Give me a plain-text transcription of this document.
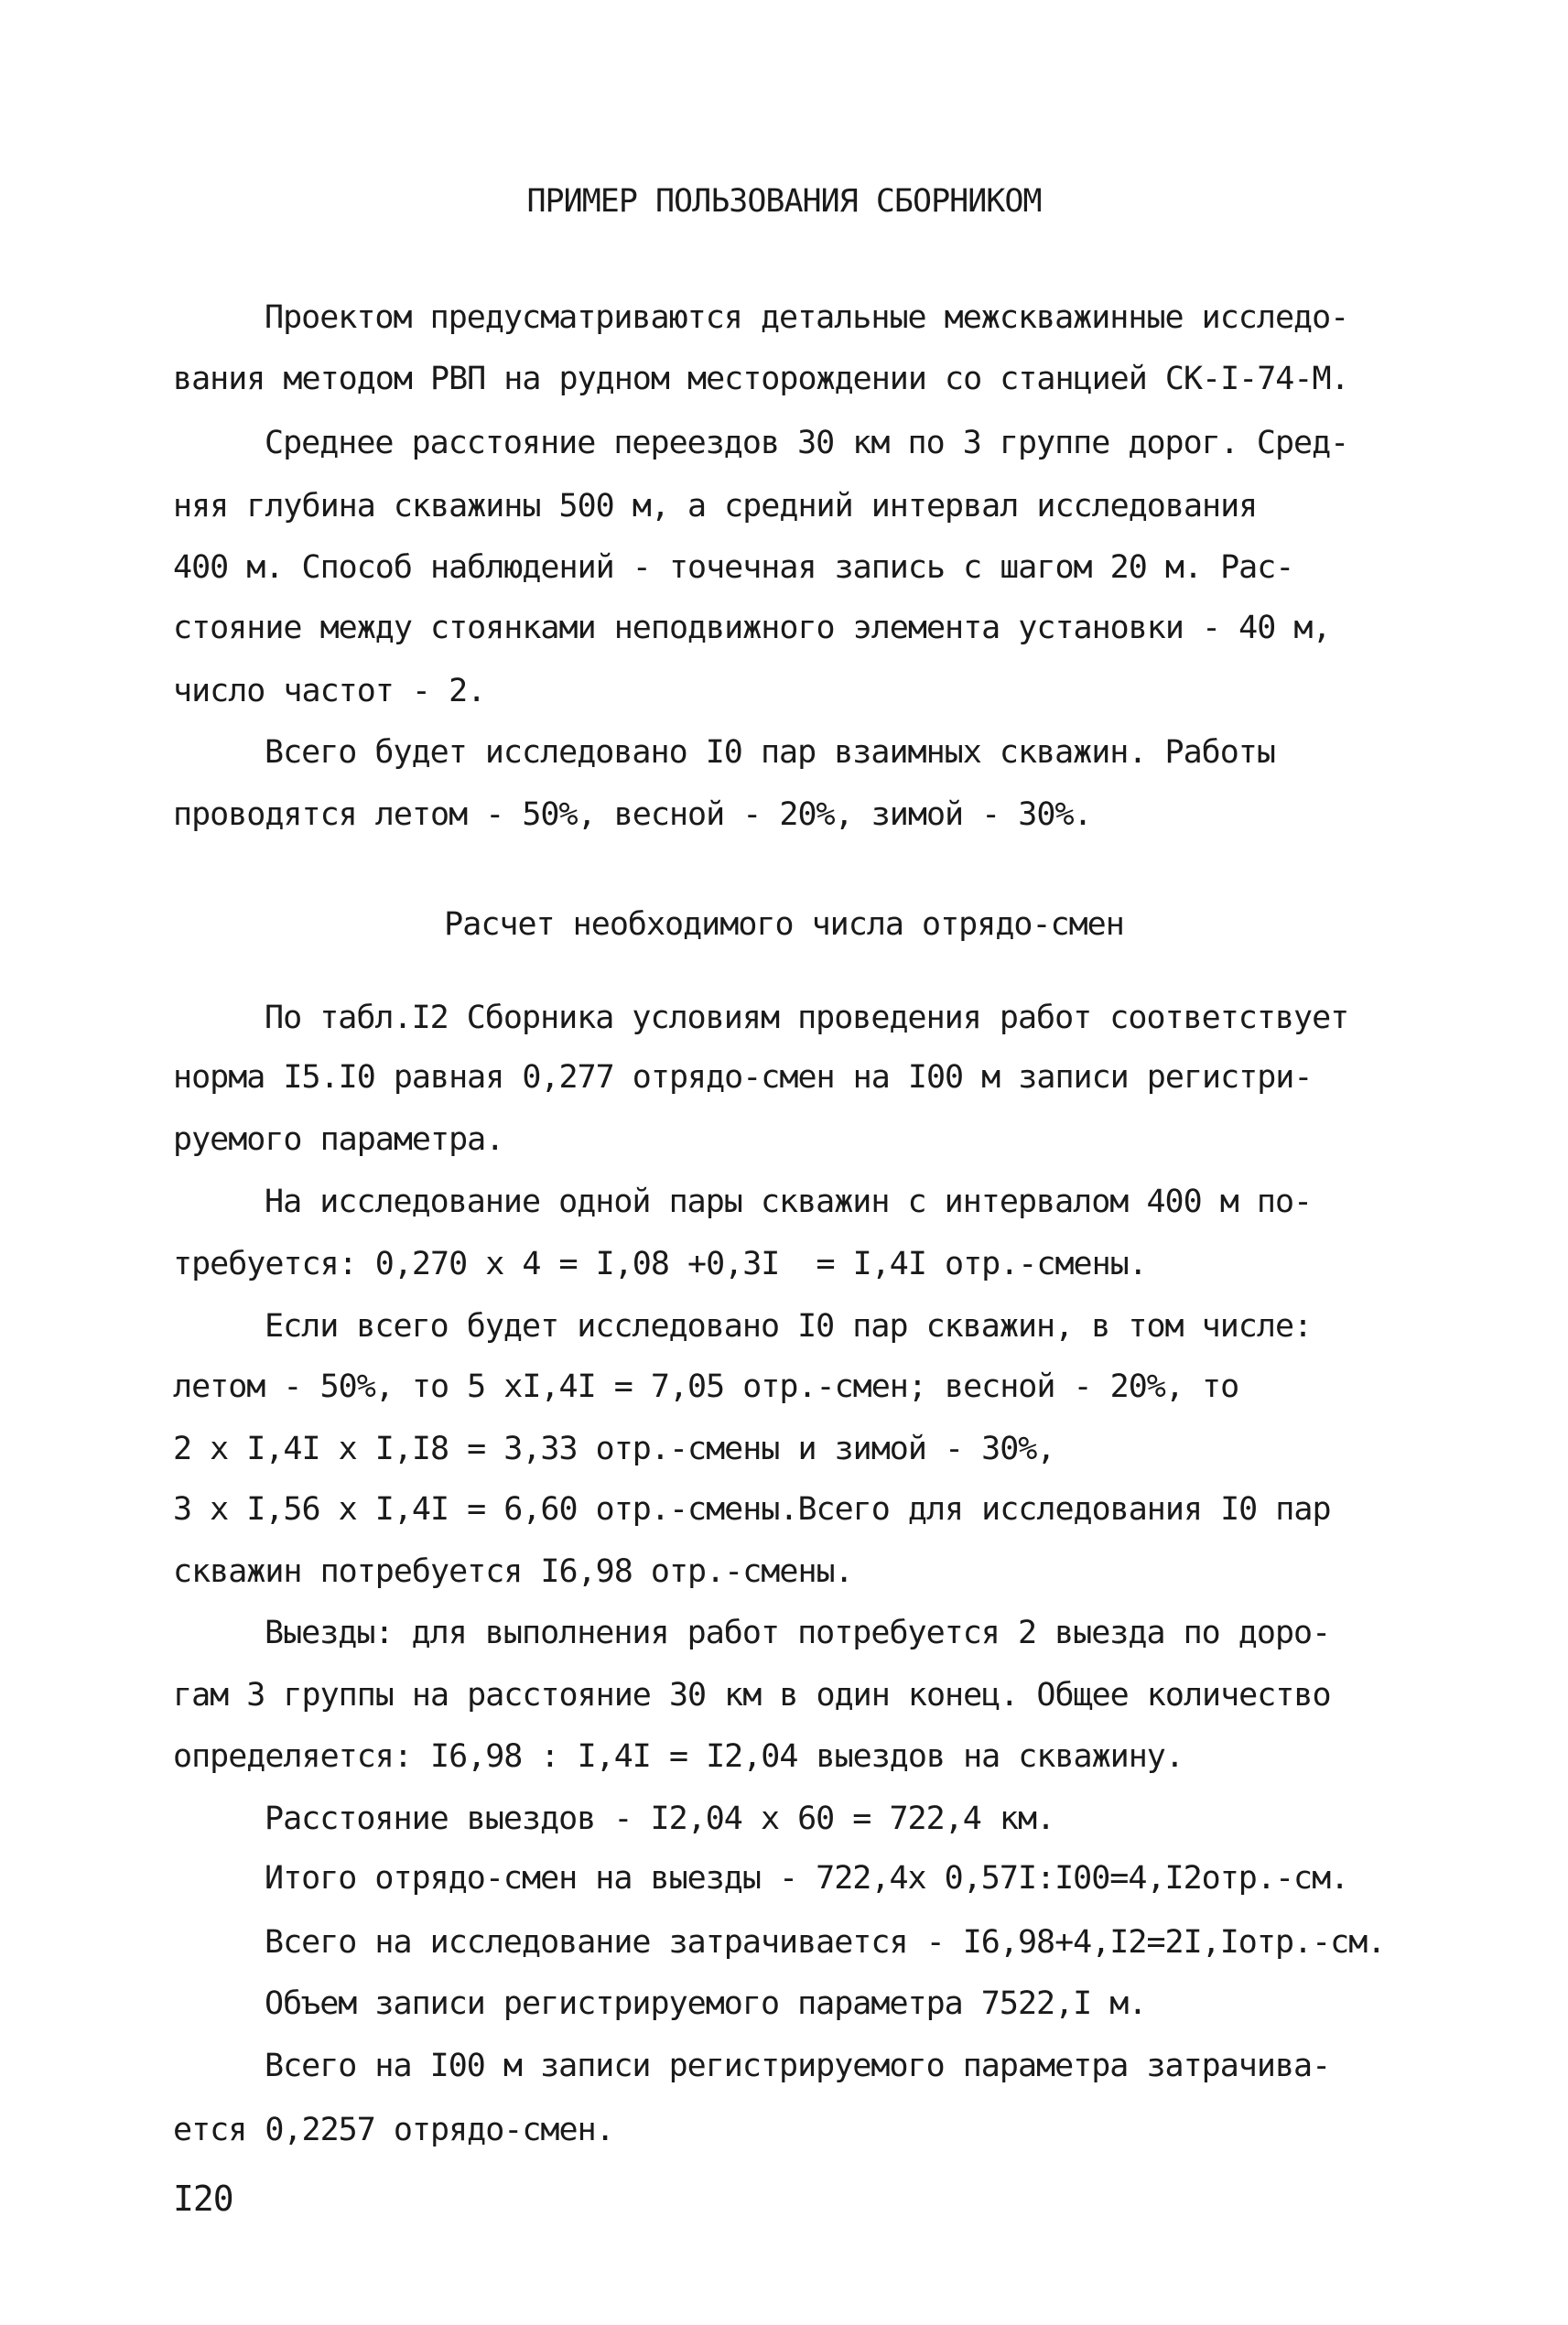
ПРИМЕР ПОЛЬЗОВАНИЯ СБОРНИКОМ
Проектом предусматриваются детальные межскважинные исследо-
вания методом РВП на рудном месторождении со станцией СК-I-74-М.
Среднее расстояние переездов 30 км по 3 группе дорог. Сред-
няя глубина скважины 500 м, а средний интервал исследования
400 м. Способ наблюдений - точечная запись с шагом 20 м. Рас-
стояние между стоянками неподвижного элемента установки - 40 м,
число частот - 2.
Всего будет исследовано I0 пар взаимных скважин. Работы
проводятся летом - 50%, весной - 20%, зимой - 30%.
Расчет необходимого числа отрядо-смен
По табл.I2 Сборника условиям проведения работ соответствует
норма I5.I0 равная 0,277 отрядо-смен на I00 м записи регистри-
руемого параметра.
На исследование одной пары скважин с интервалом 400 м по-
требуется: 0,270 х 4 = I,08 +0,3I  = I,4I отр.-смены.
Если всего будет исследовано I0 пар скважин, в том числе:
летом - 50%, то 5 хI,4I = 7,05 отр.-смен; весной - 20%, то
2 х I,4I х I,I8 = 3,33 отр.-смены и зимой - 30%,
3 х I,56 х I,4I = 6,60 отр.-смены.Всего для исследования I0 пар
скважин потребуется I6,98 отр.-смены.
Выезды: для выполнения работ потребуется 2 выезда по доро-
гам 3 группы на расстояние 30 км в один конец. Общее количество
определяется: I6,98 : I,4I = I2,04 выездов на скважину.
Расстояние выездов - I2,04 х 60 = 722,4 км.
Итого отрядо-смен на выезды - 722,4х 0,57I:I00=4,I2отр.-см.
Всего на исследование затрачивается - I6,98+4,I2=2I,Iотр.-см.
Объем записи регистрируемого параметра 7522,I м.
Всего на I00 м записи регистрируемого параметра затрачива-
ется 0,2257 отрядо-смен.
I20
